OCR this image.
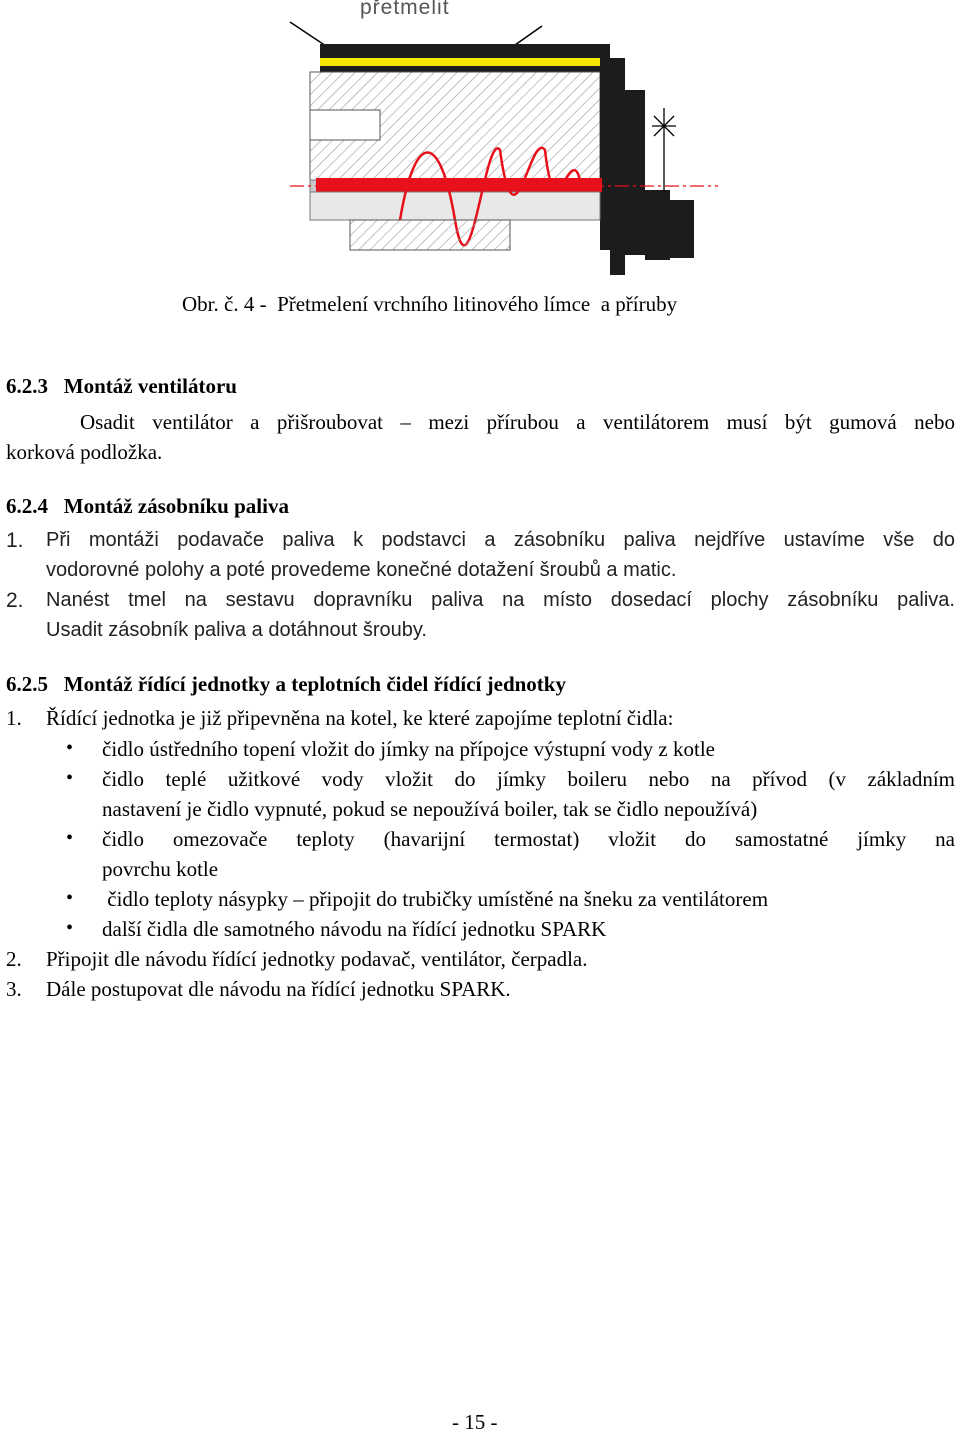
přetmelit
Obr. č. 4 -  Přetmelení vrchního litinového límce  a příruby
6.2.3   Montáž ventilátoru
Osadit ventilátor a přišroubovat – mezi přírubou a ventilátorem musí být gumová nebo
korková podložka.
6.2.4   Montáž zásobníku paliva
1. Při montáži podavače paliva k podstavci a zásobníku paliva nejdříve ustavíme vše do
vodorovné polohy a poté provedeme konečné dotažení šroubů a matic.
2. Nanést tmel na sestavu dopravníku paliva na místo dosedací plochy zásobníku paliva.
Usadit zásobník paliva a dotáhnout šrouby.
6.2.5   Montáž řídící jednotky a teplotních čidel řídící jednotky
1. Řídící jednotka je již připevněna na kotel, ke které zapojíme teplotní čidla:
• čidlo ústředního topení vložit do jímky na přípojce výstupní vody z kotle
• čidlo teplé užitkové vody vložit do jímky boileru nebo na přívod (v základním
nastavení je čidlo vypnuté, pokud se nepoužívá boiler, tak se čidlo nepoužívá)
• čidlo omezovače teploty (havarijní termostat) vložit do samostatné jímky na
povrchu kotle
• čidlo teploty násypky – připojit do trubičky umístěné na šneku za ventilátorem
• další čidla dle samotného návodu na řídící jednotku SPARK
2. Připojit dle návodu řídící jednotky podavač, ventilátor, čerpadla.
3. Dále postupovat dle návodu na řídící jednotku SPARK.
- 15 -
